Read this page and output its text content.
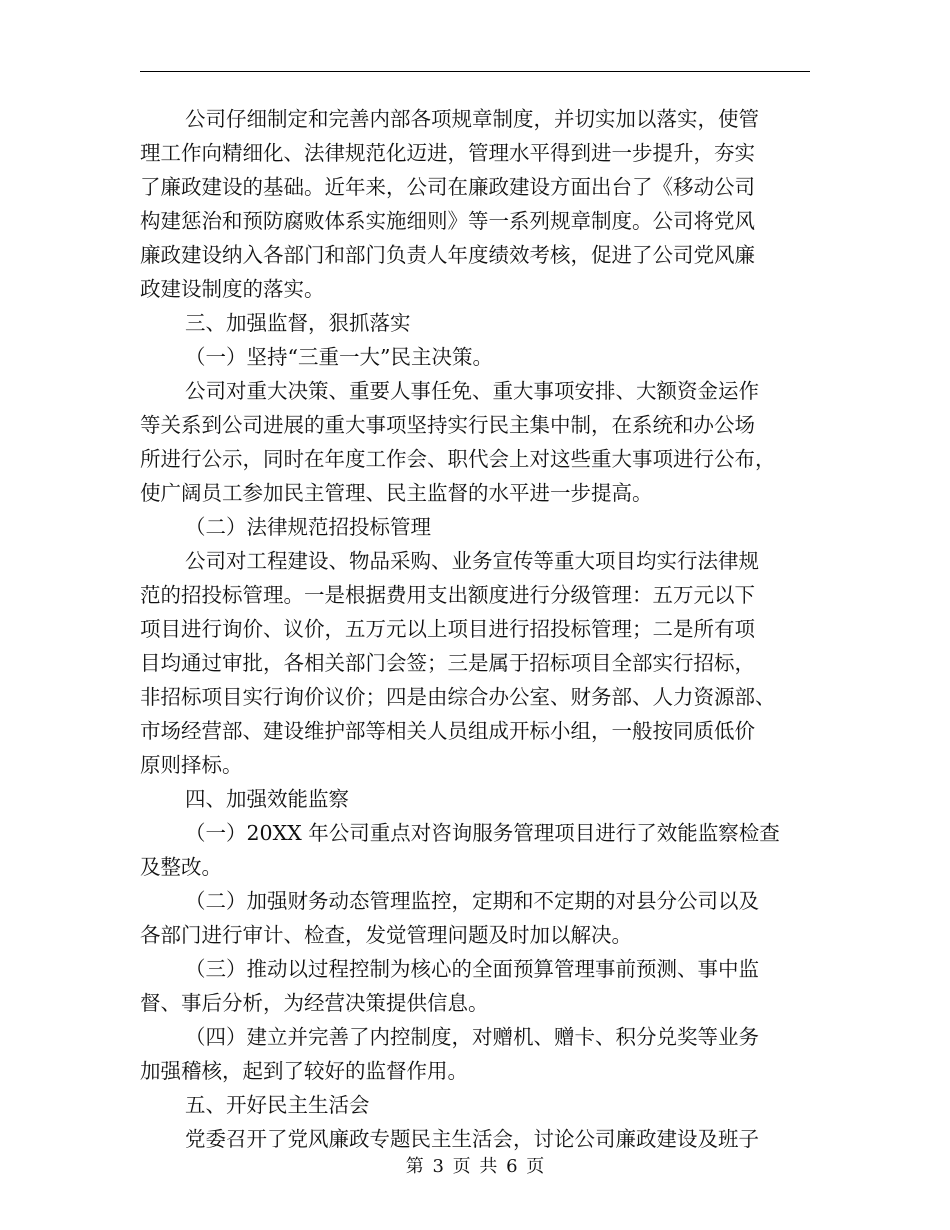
公司仔细制定和完善内部各项规章制度，并切实加以落实，使管
理工作向精细化、法律规范化迈进，管理水平得到进一步提升，夯实
了廉政建设的基础。近年来，公司在廉政建设方面出台了《移动公司
构建惩治和预防腐败体系实施细则》等一系列规章制度。公司将党风
廉政建设纳入各部门和部门负责人年度绩效考核，促进了公司党风廉
政建设制度的落实。
三、加强监督，狠抓落实
（一）坚持“三重一大”民主决策。
公司对重大决策、重要人事任免、重大事项安排、大额资金运作
等关系到公司进展的重大事项坚持实行民主集中制，在系统和办公场
所进行公示，同时在年度工作会、职代会上对这些重大事项进行公布，
使广阔员工参加民主管理、民主监督的水平进一步提高。
（二）法律规范招投标管理
公司对工程建设、物品采购、业务宣传等重大项目均实行法律规
范的招投标管理。一是根据费用支出额度进行分级管理：五万元以下
项目进行询价、议价，五万元以上项目进行招投标管理；二是所有项
目均通过审批，各相关部门会签；三是属于招标项目全部实行招标，
非招标项目实行询价议价；四是由综合办公室、财务部、人力资源部、
市场经营部、建设维护部等相关人员组成开标小组，一般按同质低价
原则择标。
四、加强效能监察
（一）20XX 年公司重点对咨询服务管理项目进行了效能监察检查
及整改。
（二）加强财务动态管理监控，定期和不定期的对县分公司以及
各部门进行审计、检查，发觉管理问题及时加以解决。
（三）推动以过程控制为核心的全面预算管理事前预测、事中监
督、事后分析，为经营决策提供信息。
（四）建立并完善了内控制度，对赠机、赠卡、积分兑奖等业务
加强稽核，起到了较好的监督作用。
五、开好民主生活会
党委召开了党风廉政专题民主生活会，讨论公司廉政建设及班子
第 3 页 共 6 页
